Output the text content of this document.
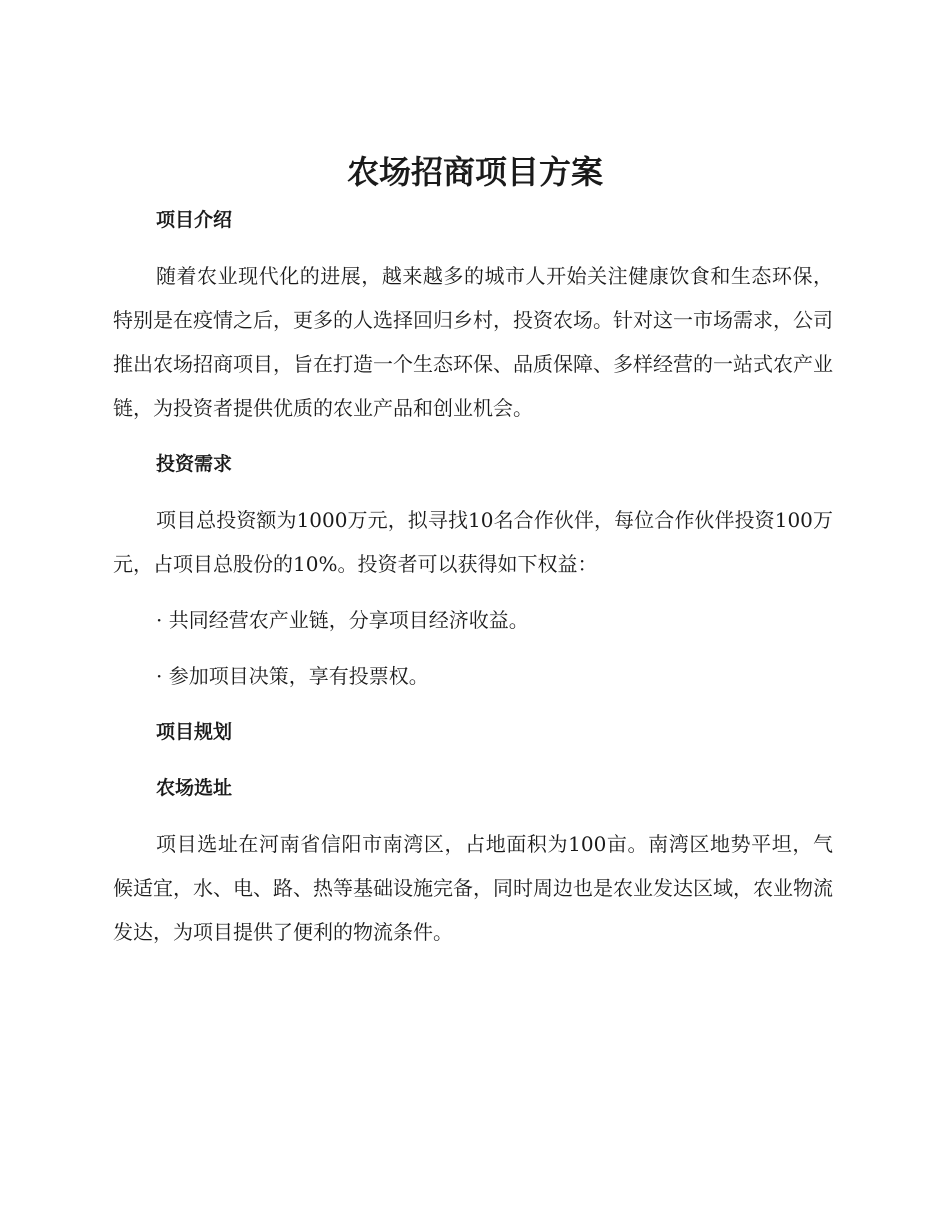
农场招商项目方案

项目介绍

随着农业现代化的进展，越来越多的城市人开始关注健康饮食和生态环保，特别是在疫情之后，更多的人选择回归乡村，投资农场。针对这一市场需求，公司推出农场招商项目，旨在打造一个生态环保、品质保障、多样经营的一站式农产业链，为投资者提供优质的农业产品和创业机会。

投资需求

项目总投资额为1000万元，拟寻找10名合作伙伴，每位合作伙伴投资100万元，占项目总股份的10%。投资者可以获得如下权益：

· 共同经营农产业链，分享项目经济收益。

· 参加项目决策，享有投票权。

项目规划

农场选址

项目选址在河南省信阳市南湾区，占地面积为100亩。南湾区地势平坦，气候适宜，水、电、路、热等基础设施完备，同时周边也是农业发达区域，农业物流发达，为项目提供了便利的物流条件。
